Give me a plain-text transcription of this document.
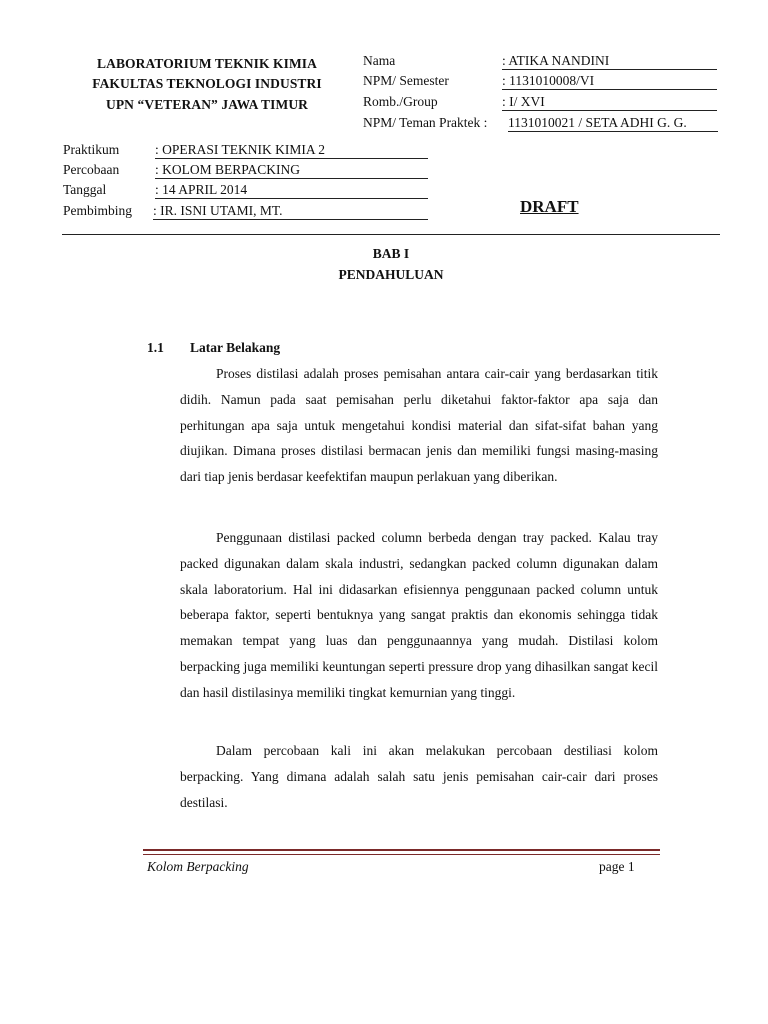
LABORATORIUM TEKNIK KIMIA
FAKULTAS TEKNOLOGI INDUSTRI
UPN “VETERAN” JAWA TIMUR
Nama	: ATIKA NANDINI
NPM/ Semester	: 1131010008/VI
Romb./Group	: I/ XVI
NPM/ Teman Praktek : 1131010021 / SETA ADHI G. G.
Praktikum	: OPERASI TEKNIK KIMIA 2
Percobaan	: KOLOM BERPACKING
Tanggal	: 14 APRIL 2014
Pembimbing : IR. ISNI UTAMI, MT.	DRAFT
BAB I
PENDAHULUAN
1.1 Latar Belakang

Proses distilasi adalah proses pemisahan antara cair-cair yang berdasarkan titik didih. Namun pada saat pemisahan perlu diketahui faktor-faktor apa saja dan perhitungan apa saja untuk mengetahui kondisi material dan sifat-sifat bahan yang diujikan. Dimana proses distilasi bermacan jenis dan memiliki fungsi masing-masing dari tiap jenis berdasar keefektifan maupun perlakuan yang diberikan.

Penggunaan distilasi packed column berbeda dengan tray packed. Kalau tray packed digunakan dalam skala industri, sedangkan packed column digunakan dalam skala laboratorium. Hal ini didasarkan efisiennya penggunaan packed column untuk beberapa faktor, seperti bentuknya yang sangat praktis dan ekonomis sehingga tidak memakan tempat yang luas dan penggunaannya yang mudah. Distilasi kolom berpacking juga memiliki keuntungan seperti pressure drop yang dihasilkan sangat kecil dan hasil distilasinya memiliki tingkat kemurnian yang tinggi.

Dalam percobaan kali ini akan melakukan percobaan destiliasi kolom berpacking. Yang dimana adalah salah satu jenis pemisahan cair-cair dari proses destilasi.

Kolom Berpacking	page 1
